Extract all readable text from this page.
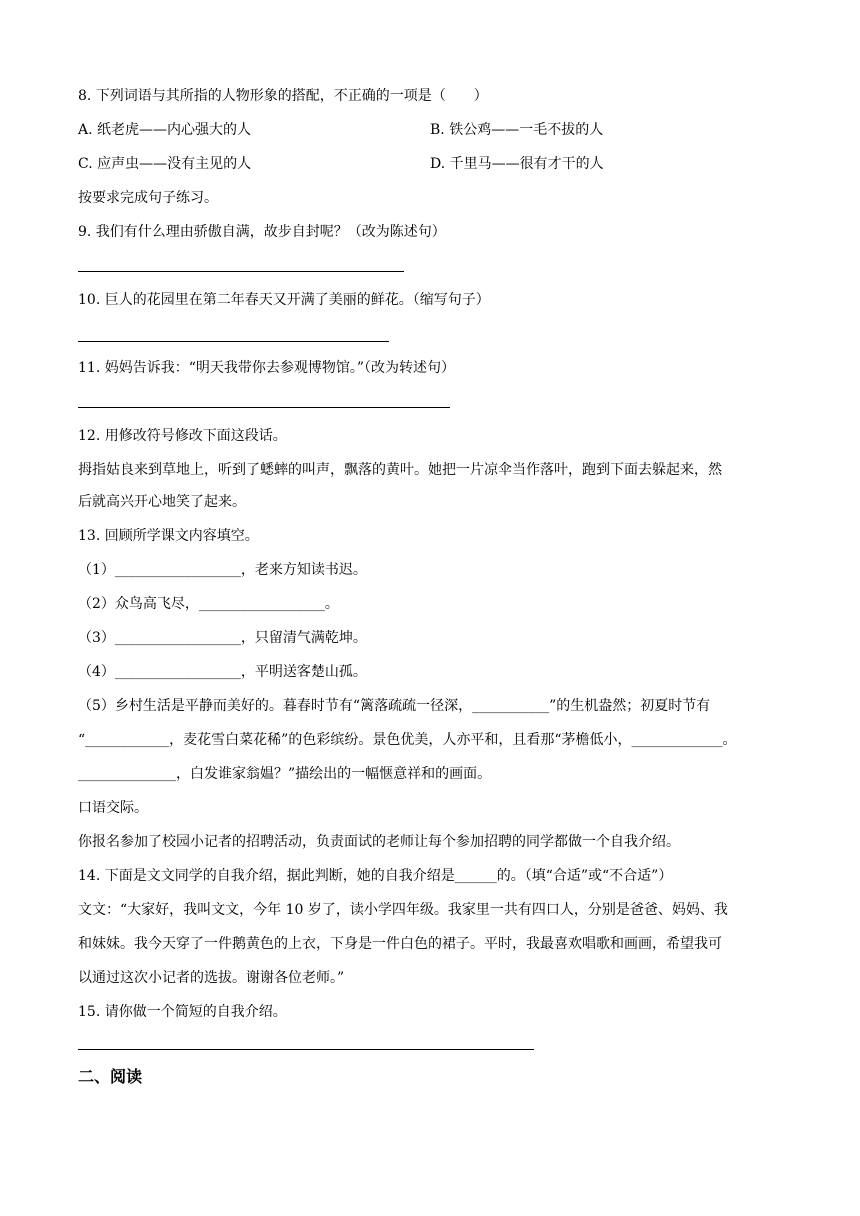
8. 下列词语与其所指的人物形象的搭配，不正确的一项是（　　）
A. 纸老虎——内心强大的人	B. 铁公鸡——一毛不拔的人
C. 应声虫——没有主见的人	D. 千里马——很有才干的人
按要求完成句子练习。
9. 我们有什么理由骄傲自满，故步自封呢？（改为陈述句）
10. 巨人的花园里在第二年春天又开满了美丽的鲜花。（缩写句子）
11. 妈妈告诉我：“明天我带你去参观博物馆。”（改为转述句）
12. 用修改符号修改下面这段话。
拇指姑良来到草地上，听到了蟋蟀的叫声，飘落的黄叶。她把一片凉伞当作落叶，跑到下面去躲起来，然
后就高兴开心地笑了起来。
13. 回顾所学课文内容填空。
（1）__________________，老来方知读书迟。
（2）众鸟高飞尽，__________________。
（3）__________________，只留清气满乾坤。
（4）__________________，平明送客楚山孤。
（5）乡村生活是平静而美好的。暮春时节有“篱落疏疏一径深，___________”的生机盎然；初夏时节有
“____________，麦花雪白菜花稀”的色彩缤纷。景色优美，人亦平和，且看那“茅檐低小，_____________。
______________，白发谁家翁媪？”描绘出的一幅惬意祥和的画面。
口语交际。
你报名参加了校园小记者的招聘活动，负责面试的老师让每个参加招聘的同学都做一个自我介绍。
14. 下面是文文同学的自我介绍，据此判断，她的自我介绍是______的。（填“合适”或“不合适”）
文文：“大家好，我叫文文，今年 10 岁了，读小学四年级。我家里一共有四口人，分别是爸爸、妈妈、我
和妹妹。我今天穿了一件鹅黄色的上衣，下身是一件白色的裙子。平时，我最喜欢唱歌和画画，希望我可
以通过这次小记者的选拔。谢谢各位老师。”
15. 请你做一个简短的自我介绍。
二、阅读
